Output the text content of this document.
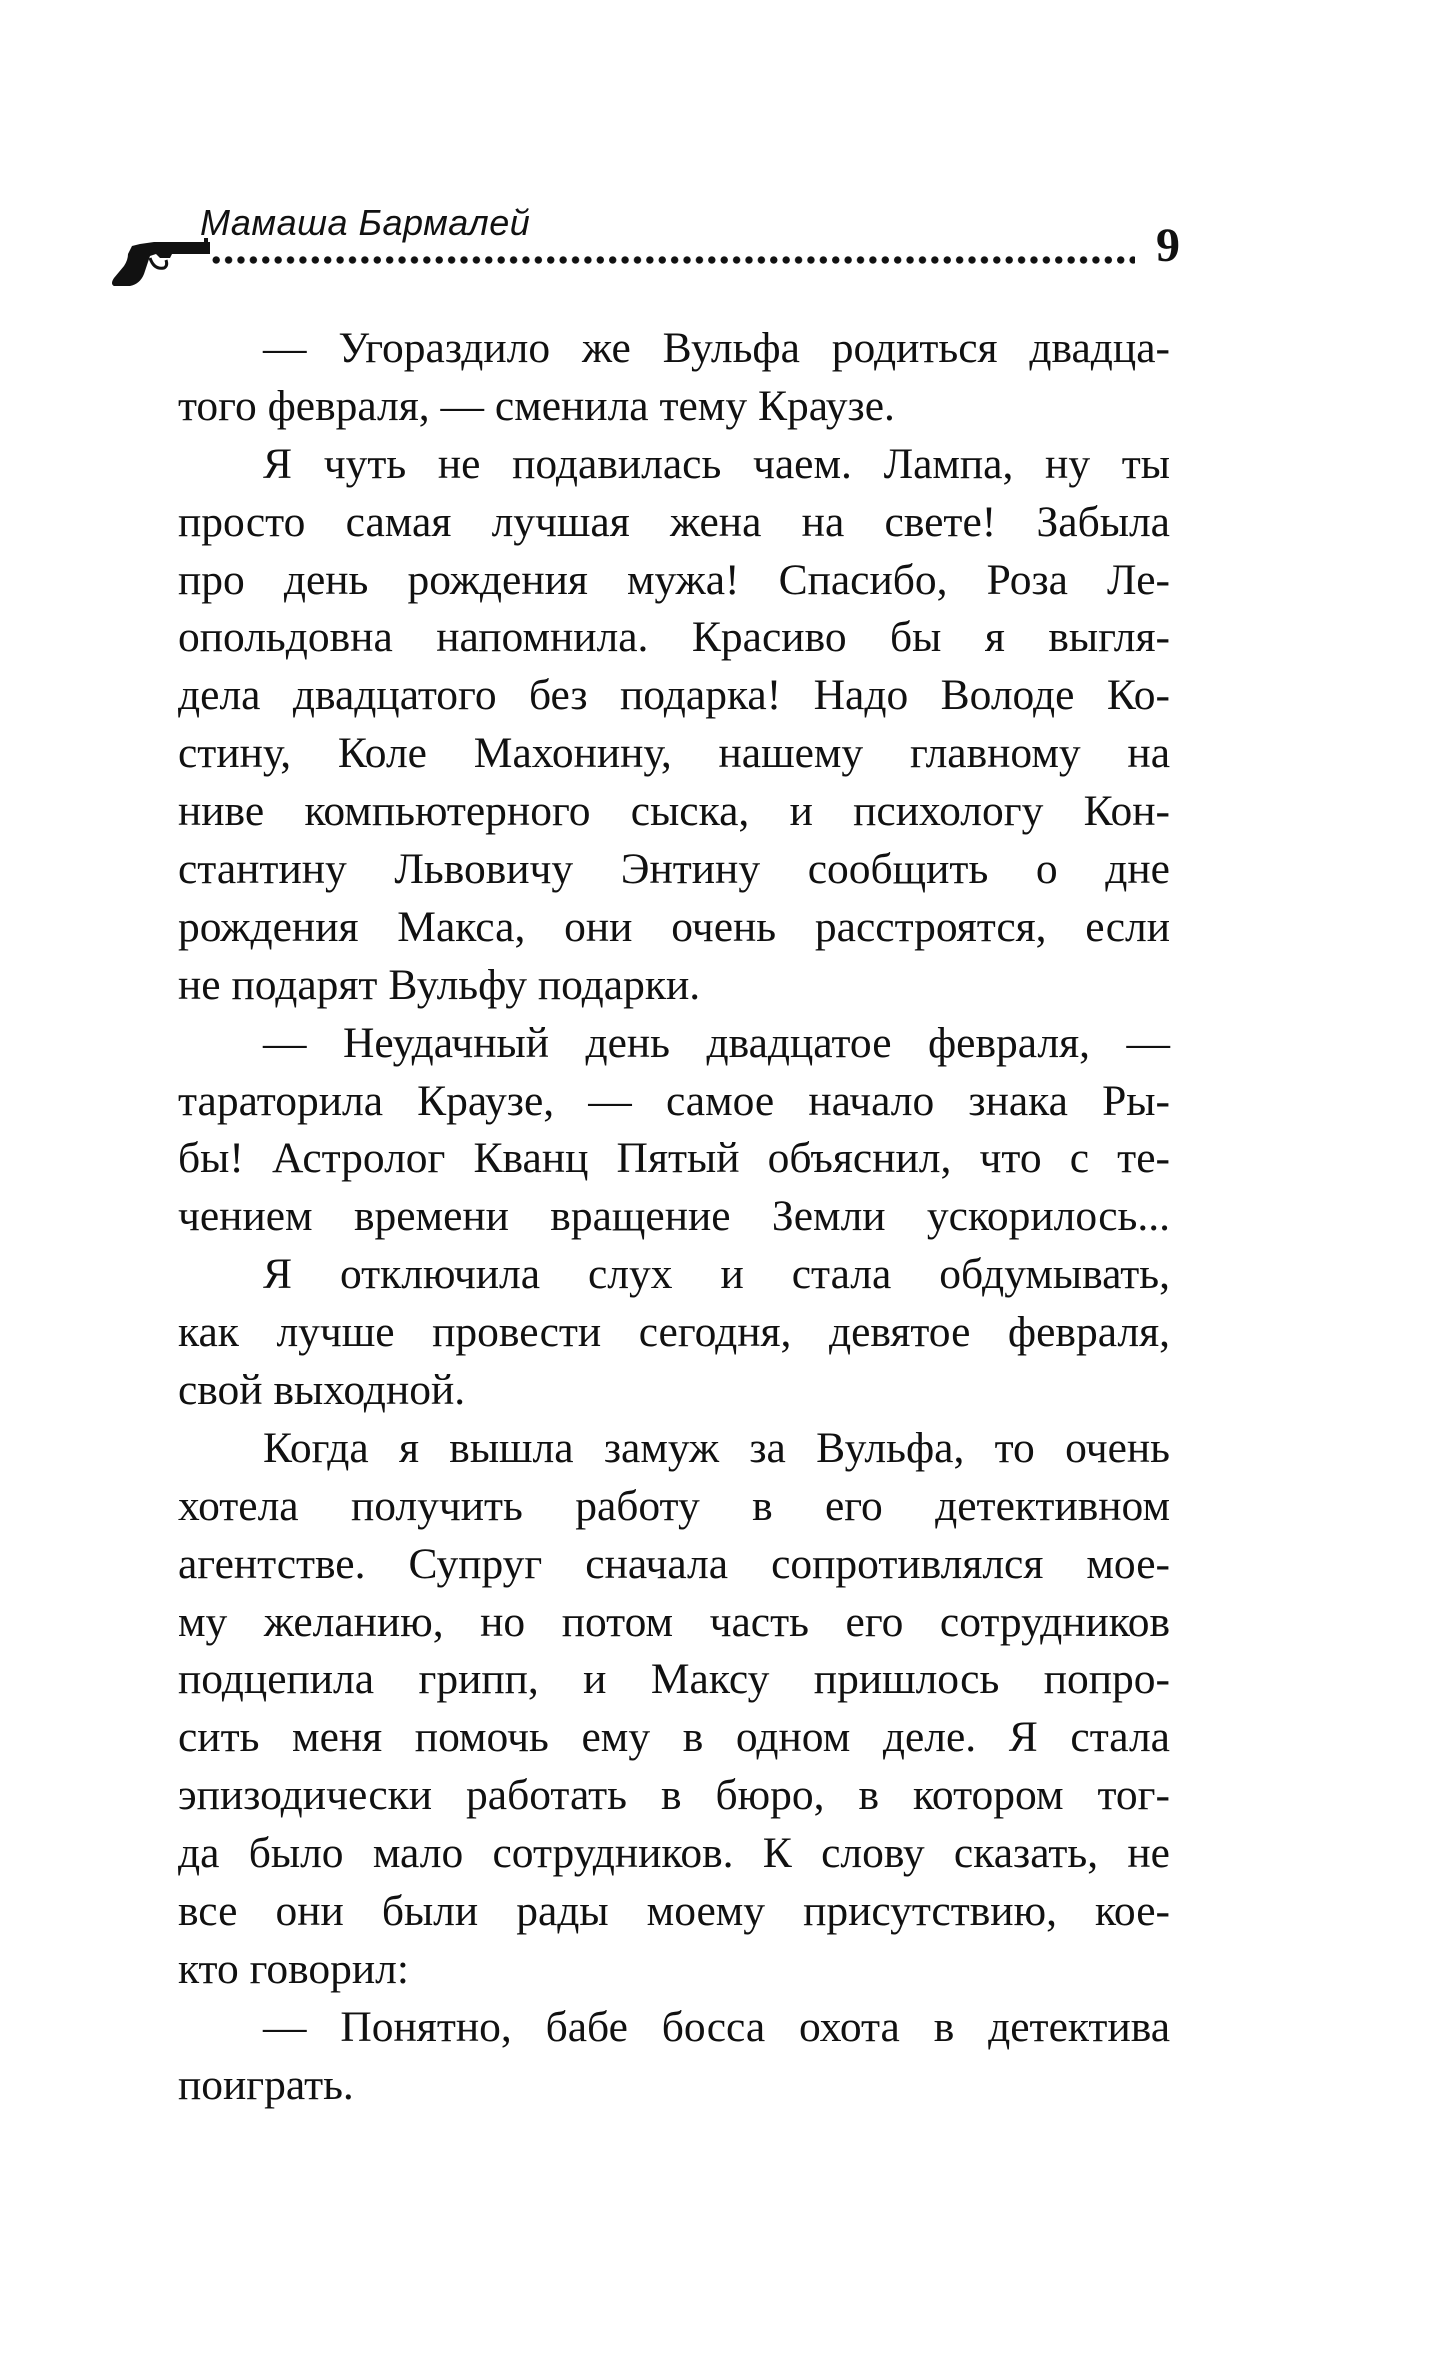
Мамаша Бармалей	9
— Угораздило же Вульфа родиться двадца-
того февраля, — сменила тему Краузе.
Я чуть не подавилась чаем. Лампа, ну ты
просто самая лучшая жена на свете! Забыла
про день рождения мужа! Спасибо, Роза Ле-
опольдовна напомнила. Красиво бы я выгля-
дела двадцатого без подарка! Надо Володе Ко-
стину, Коле Махонину, нашему главному на
ниве компьютерного сыска, и психологу Кон-
стантину Львовичу Энтину сообщить о дне
рождения Макса, они очень расстроятся, если
не подарят Вульфу подарки.
— Неудачный день двадцатое февраля, —
тараторила Краузе, — самое начало знака Ры-
бы! Астролог Кванц Пятый объяснил, что с те-
чением времени вращение Земли ускорилось...
Я отключила слух и стала обдумывать,
как лучше провести сегодня, девятое февраля,
свой выходной.
Когда я вышла замуж за Вульфа, то очень
хотела получить работу в его детективном
агентстве. Супруг сначала сопротивлялся мое-
му желанию, но потом часть его сотрудников
подцепила грипп, и Максу пришлось попро-
сить меня помочь ему в одном деле. Я стала
эпизодически работать в бюро, в котором тог-
да было мало сотрудников. К слову сказать, не
все они были рады моему присутствию, кое-
кто говорил:
— Понятно, бабе босса охота в детектива
поиграть.
